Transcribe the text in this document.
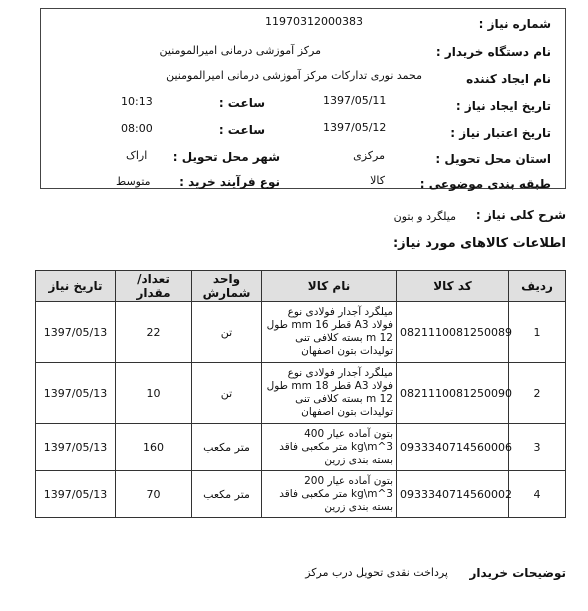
شماره نیاز :
11970312000383
نام دستگاه خریدار :
مرکز آموزشی درمانی امیرالمومنین
نام ایجاد کننده
محمد نوری تدارکات مرکز آموزشی درمانی امیرالمومنین
تاریخ ایجاد نیاز :
1397/05/11
ساعت :
10:13
تاریخ اعتبار نیاز :
1397/05/12
ساعت :
08:00
استان محل تحویل :
مرکزی
شهر محل تحویل :
اراک
طبقه بندی موضوعی :
کالا
نوع فرآیند خرید :
متوسط
شرح کلی نیاز :
میلگرد و بتون
اطلاعات کالاهای مورد نیاز:
ردیف	کد کالا	نام کالا	واحد شمارش	تعداد/ مقدار	تاریخ نیاز
1	0821110081250089	میلگرد آجدار فولادی نوع فولاد A3 قطر 16 mm طول 12 m بسته کلافی تنی تولیدات بتون اصفهان	تن	22	1397/05/13
2	0821110081250090	میلگرد آجدار فولادی نوع فولاد A3 قطر 18 mm طول 12 m بسته کلافی تنی تولیدات بتون اصفهان	تن	10	1397/05/13
3	0933340714560006	بتون آماده عیار 400 kg\m^3 متر مکعبی فاقد بسته بندی زرین	متر مکعب	160	1397/05/13
4	0933340714560002	بتون آماده عیار 200 kg\m^3 متر مکعبی فاقد بسته بندی زرین	متر مکعب	70	1397/05/13
توضیحات خریدار
پرداخت نقدی تحویل درب مرکز
